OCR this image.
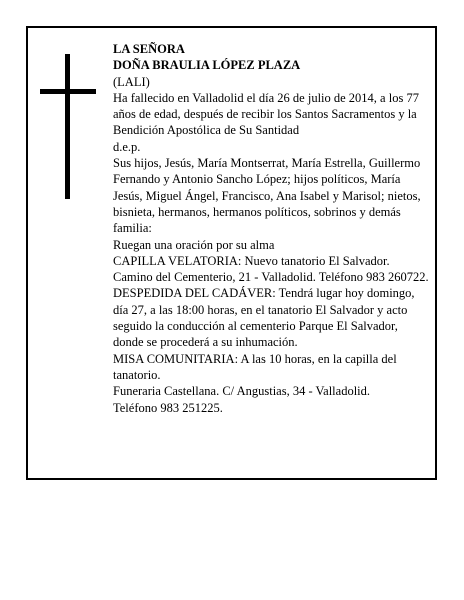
LA SEÑORA

DOÑA BRAULIA LÓPEZ PLAZA

(LALI)

Ha fallecido en Valladolid el día 26 de julio de 2014, a los 77 años de edad, después de recibir los Santos Sacramentos y la Bendición Apostólica de Su Santidad

d.e.p.

Sus hijos, Jesús, María Montserrat, María Estrella, Guillermo Fernando y Antonio Sancho López; hijos políticos, María Jesús, Miguel Ángel, Francisco, Ana Isabel y Marisol; nietos, bisnieta, hermanos, hermanos políticos, sobrinos y demás familia:

Ruegan una oración por su alma

CAPILLA VELATORIA: Nuevo tanatorio El Salvador. Camino del Cementerio, 21 - Valladolid. Teléfono 983 260722.

DESPEDIDA DEL CADÁVER: Tendrá lugar hoy domingo, día 27, a las 18:00 horas, en el tanatorio El Salvador y acto seguido la conducción al cementerio Parque El Salvador, donde se procederá a su inhumación.

MISA COMUNITARIA: A las 10 horas, en la capilla del tanatorio.

Funeraria Castellana. C/ Angustias, 34 - Valladolid.

Teléfono 983 251225.
